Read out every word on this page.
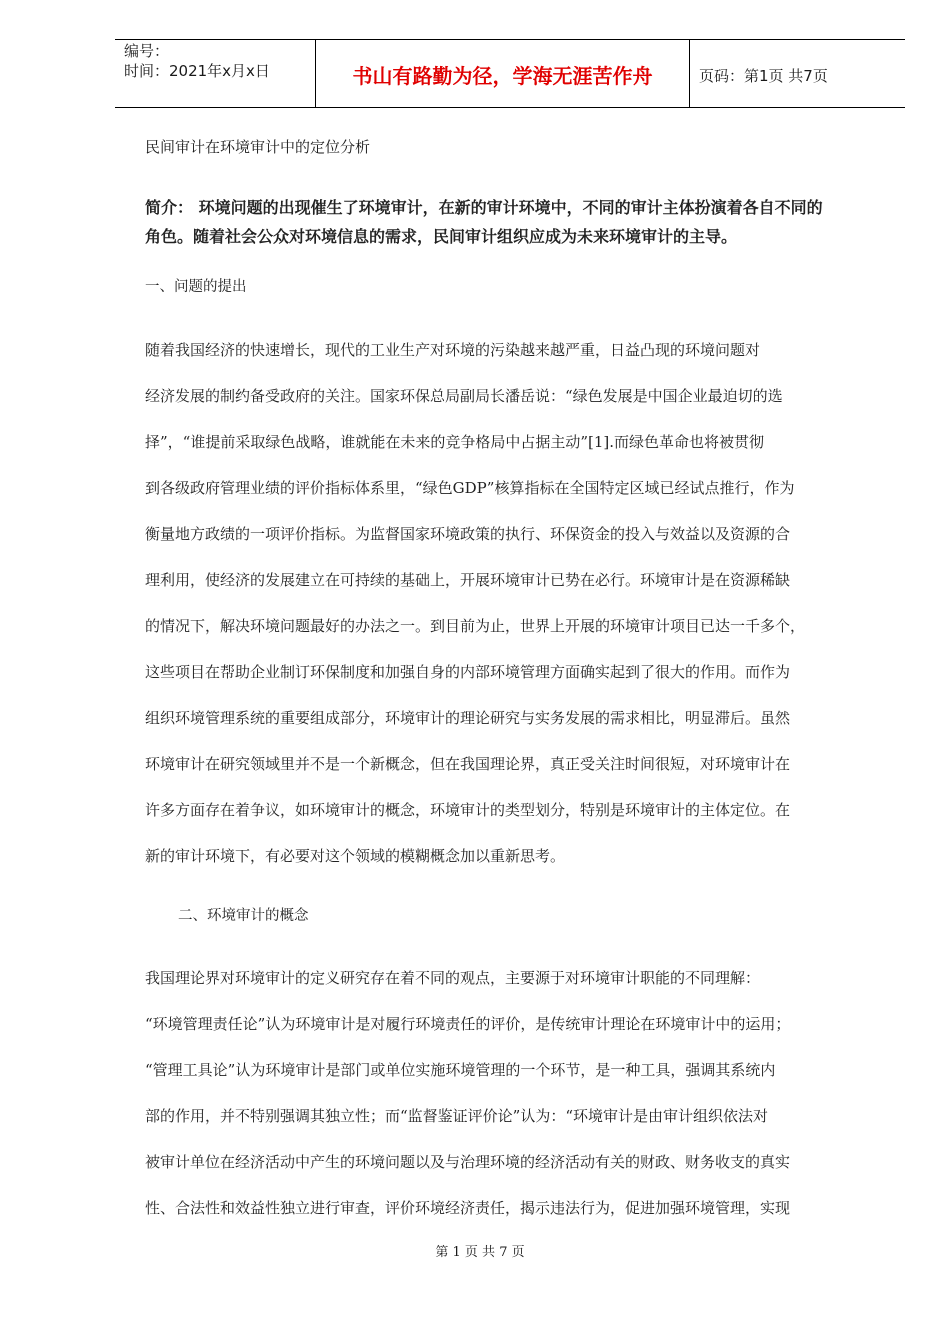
编号：
时间：2021年x月x日	书山有路勤为径，学海无涯苦作舟	页码：第1页 共7页
民间审计在环境审计中的定位分析
简介： 环境问题的出现催生了环境审计，在新的审计环境中，不同的审计主体扮演着各自不同的
角色。随着社会公众对环境信息的需求，民间审计组织应成为未来环境审计的主导。
一、问题的提出
随着我国经济的快速增长，现代的工业生产对环境的污染越来越严重，日益凸现的环境问题对
经济发展的制约备受政府的关注。国家环保总局副局长潘岳说：“绿色发展是中国企业最迫切的选
择”，“谁提前采取绿色战略，谁就能在未来的竞争格局中占据主动”[1].而绿色革命也将被贯彻
到各级政府管理业绩的评价指标体系里，“绿色GDP”核算指标在全国特定区域已经试点推行，作为
衡量地方政绩的一项评价指标。为监督国家环境政策的执行、环保资金的投入与效益以及资源的合
理利用，使经济的发展建立在可持续的基础上，开展环境审计已势在必行。环境审计是在资源稀缺
的情况下，解决环境问题最好的办法之一。到目前为止，世界上开展的环境审计项目已达一千多个，
这些项目在帮助企业制订环保制度和加强自身的内部环境管理方面确实起到了很大的作用。而作为
组织环境管理系统的重要组成部分，环境审计的理论研究与实务发展的需求相比，明显滞后。虽然
环境审计在研究领域里并不是一个新概念，但在我国理论界，真正受关注时间很短，对环境审计在
许多方面存在着争议，如环境审计的概念，环境审计的类型划分，特别是环境审计的主体定位。在
新的审计环境下，有必要对这个领域的模糊概念加以重新思考。
二、环境审计的概念
我国理论界对环境审计的定义研究存在着不同的观点，主要源于对环境审计职能的不同理解：
“环境管理责任论”认为环境审计是对履行环境责任的评价，是传统审计理论在环境审计中的运用；
“管理工具论”认为环境审计是部门或单位实施环境管理的一个环节，是一种工具，强调其系统内
部的作用，并不特别强调其独立性；而“监督鉴证评价论”认为：“环境审计是由审计组织依法对
被审计单位在经济活动中产生的环境问题以及与治理环境的经济活动有关的财政、财务收支的真实
性、合法性和效益性独立进行审查，评价环境经济责任，揭示违法行为，促进加强环境管理，实现
第 1 页 共 7 页
